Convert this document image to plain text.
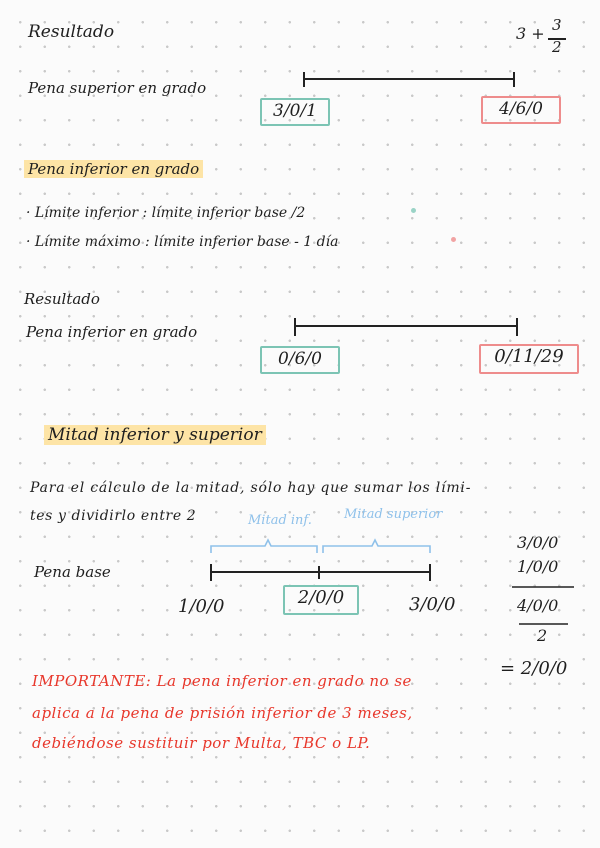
Resultado	3 + 3
2
Pena superior en grado
3/0/1	4/6/0
Pena inferior en grado
· Límite inferior : límite inferior base /2
· Límite máximo : límite inferior base - 1 día
Resultado
Pena inferior en grado
0/6/0	0/11/29
Mitad inferior y superior
Para el cálculo de la mitad, sólo hay que sumar los lími-
tes y dividirlo entre 2	Mitad inf. Mitad superior
Pena base
1/0/0	2/0/0	3/0/0
3/0/0
1/0/0
4/0/0
2
= 2/0/0
IMPORTANTE: La pena inferior en grado no se
aplica a la pena de prisión inferior de 3 meses,
debiéndose sustituir por Multa, TBC o LP.
